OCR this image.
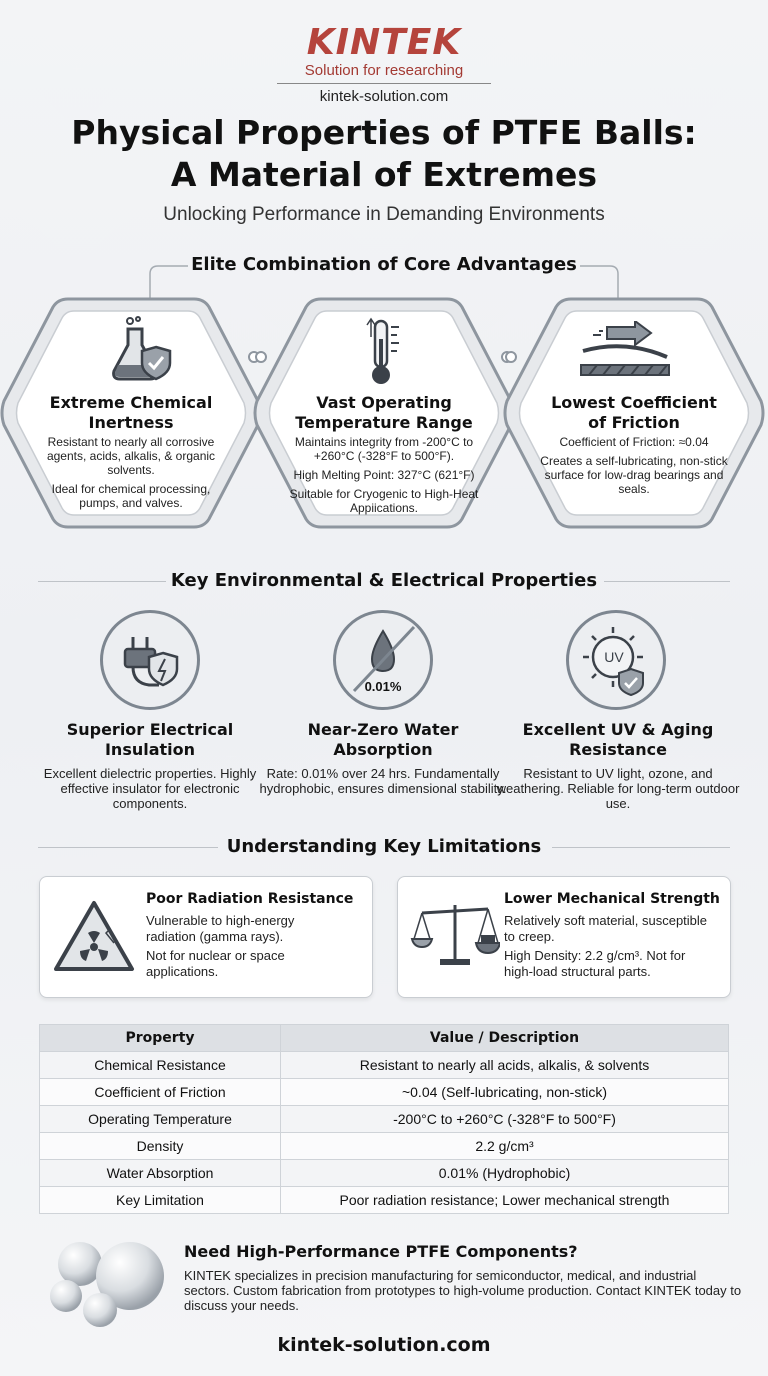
KINTEK
Solution for researching
kintek-solution.com
Physical Properties of PTFE Balls:
A Material of Extremes
Unlocking Performance in Demanding Environments
Elite Combination of Core Advantages
Extreme Chemical
Inertness

Resistant to nearly all corrosive agents, acids, alkalis, & organic solvents.

Ideal for chemical processing, pumps, and valves.

Vast Operating
Temperature Range

Maintains integrity from -200°C to +260°C (-328°F to 500°F).

High Melting Point: 327°C (621°F)

Suitable for Cryogenic to High-Heat Appiications.

Lowest Coefficient
of Friction

Coefficient of Friction: ≈0.04

Creates a self-lubricating, non-stick surface for low-drag bearings and seals.

Key Environmental & Electrical Properties
0.01%
UV
Superior Electrical
Insulation
Excellent dielectric properties. Highly effective insulator for electronic components.
Near-Zero Water
Absorption
Rate: 0.01% over 24 hrs. Fundamentally hydrophobic, ensures dimensional stability.
Excellent UV & Aging
Resistance
Resistant to UV light, ozone, and weathering. Reliable for long-term outdoor use.
Understanding Key Limitations
Poor Radiation Resistance

Vulnerable to high-energy radiation (gamma rays).

Not for nuclear or space applications.

Lower Mechanical Strength

Relatively soft material, susceptible to creep.

High Density: 2.2 g/cm³. Not for high-load structural parts.

Property	Value / Description
Chemical Resistance	Resistant to nearly all acids, alkalis, & solvents
Coefficient of Friction	~0.04 (Self-lubricating, non-stick)
Operating Temperature	-200°C to +260°C (-328°F to 500°F)
Density	2.2 g/cm³
Water Absorption	0.01% (Hydrophobic)
Key Limitation	Poor radiation resistance; Lower mechanical strength
Need High-Performance PTFE Components?
KINTEK specializes in precision manufacturing for semiconductor, medical, and industrial sectors. Custom fabrication from prototypes to high-volume production. Contact KINTEK today to discuss your needs.
kintek-solution.com
